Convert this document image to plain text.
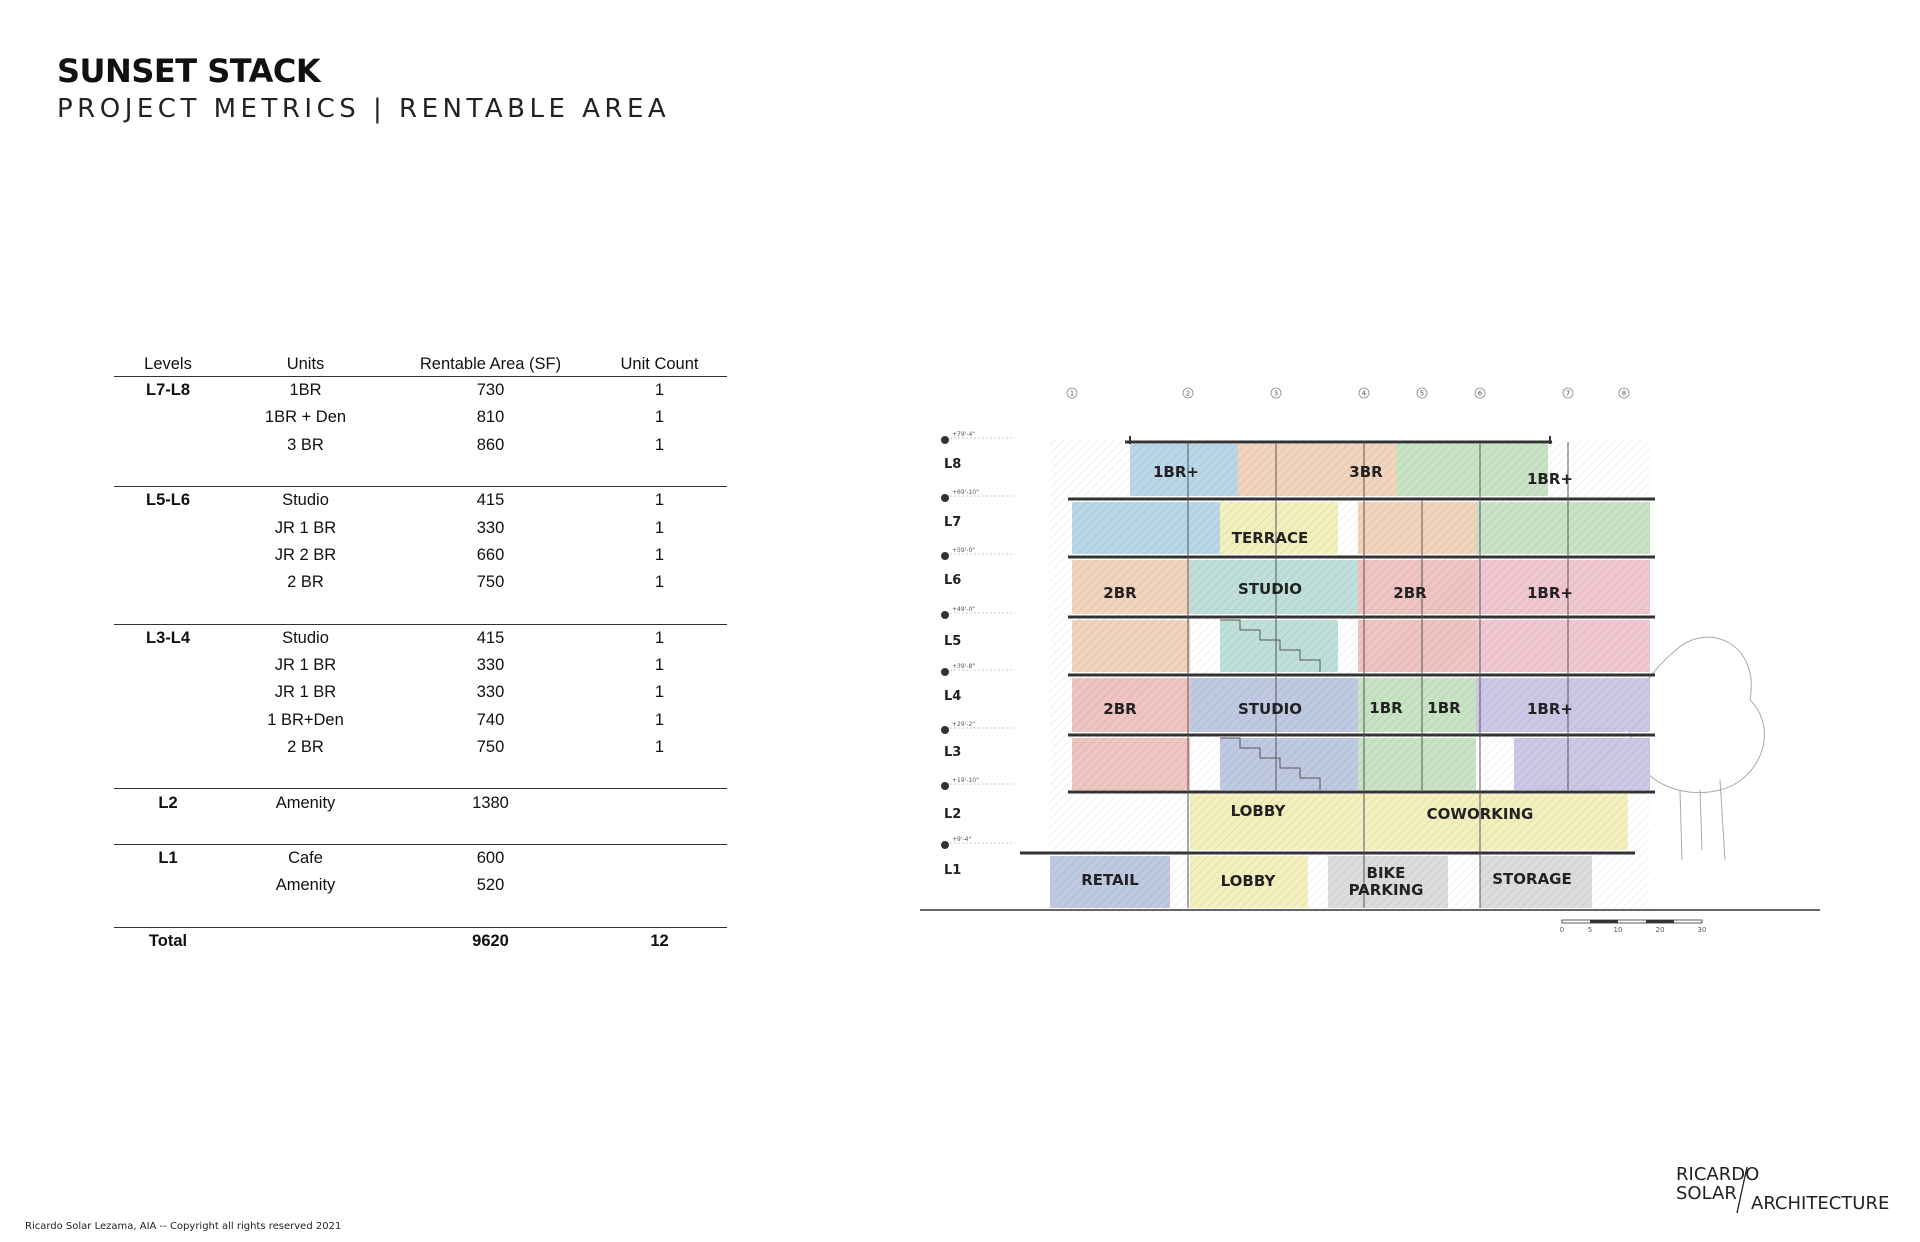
SUNSET STACK
PROJECT METRICS | RENTABLE AREA
Levels	Units	Rentable Area (SF)	Unit Count
L7-L8	1BR	730	1
	1BR + Den	810	1
	3 BR	860	1

L5-L6	Studio	415	1
	JR 1 BR	330	1
	JR 2 BR	660	1
	2 BR	750	1

L3-L4	Studio	415	1
	JR 1 BR	330	1
	JR 1 BR	330	1
	1 BR+Den	740	1
	2 BR	750	1

L2	Amenity	1380	

L1	Cafe	600	
	Amenity	520	

Total		9620	12
1	2	3	4	5	6	7	8
+79'-4"
L8
+69'-10"
L7
+59'-0"
L6
+49'-0"
L5
+39'-8"
L4
+29'-2"
L3
+19'-10"
L2
+9'-4"
L1
1BR+	3BR	1BR+
TERRACE
2BR	STUDIO	2BR	1BR+
2BR	STUDIO	1BR 1BR	1BR+
LOBBY	COWORKING
RETAIL	LOBBY	BIKE
PARKING
STORAGE
0	5	10	20	30
Ricardo Solar Lezama, AIA -- Copyright all rights reserved 2021
RICARDO
SOLAR ARCHITECTURE
